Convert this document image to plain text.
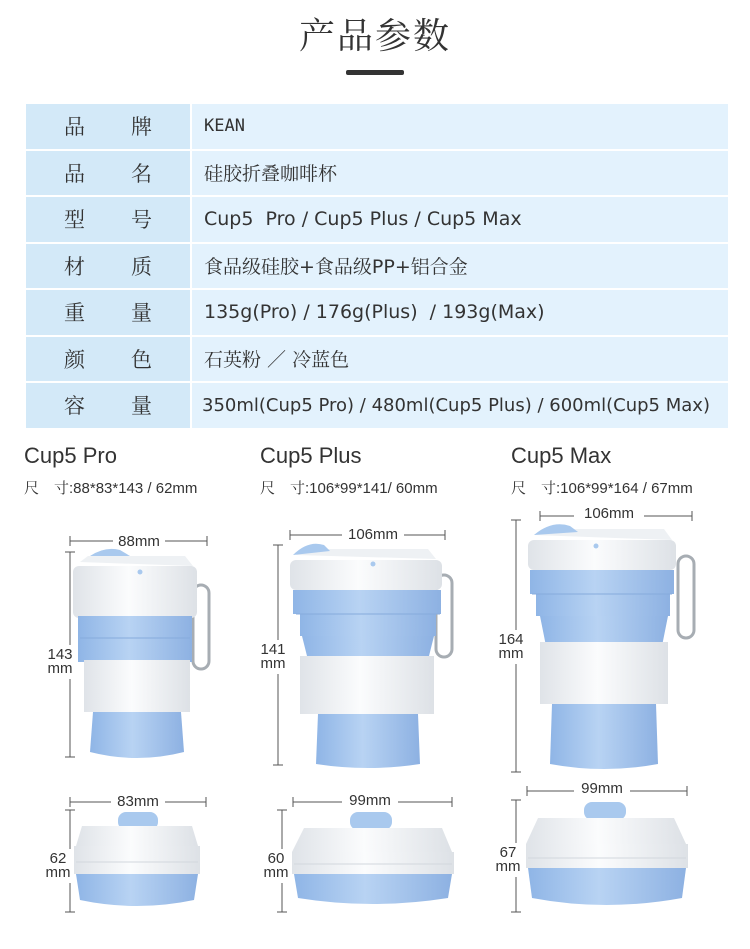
产品参数
品 牌	KEAN
品 名	硅胶折叠咖啡杯
型 号	Cup5  Pro / Cup5 Plus / Cup5 Max
材 质	食品级硅胶+食品级PP+铝合金
重 量	135g(Pro) / 176g(Plus)  / 193g(Max)
颜 色	石英粉 ／ 冷蓝色
容 量	350ml(Cup5 Pro) / 480ml(Cup5 Plus) / 600ml(Cup5 Max)
Cup5 Pro
尺　寸:88*83*143 / 62mm
Cup5 Plus
尺　寸:106*99*141/ 60mm
Cup5 Max
尺　寸:106*99*164 / 67mm
88mm
143
mm
106mm
141
mm
106mm
164
mm
83mm
62
mm
99mm
60
mm
99mm
67
mm
